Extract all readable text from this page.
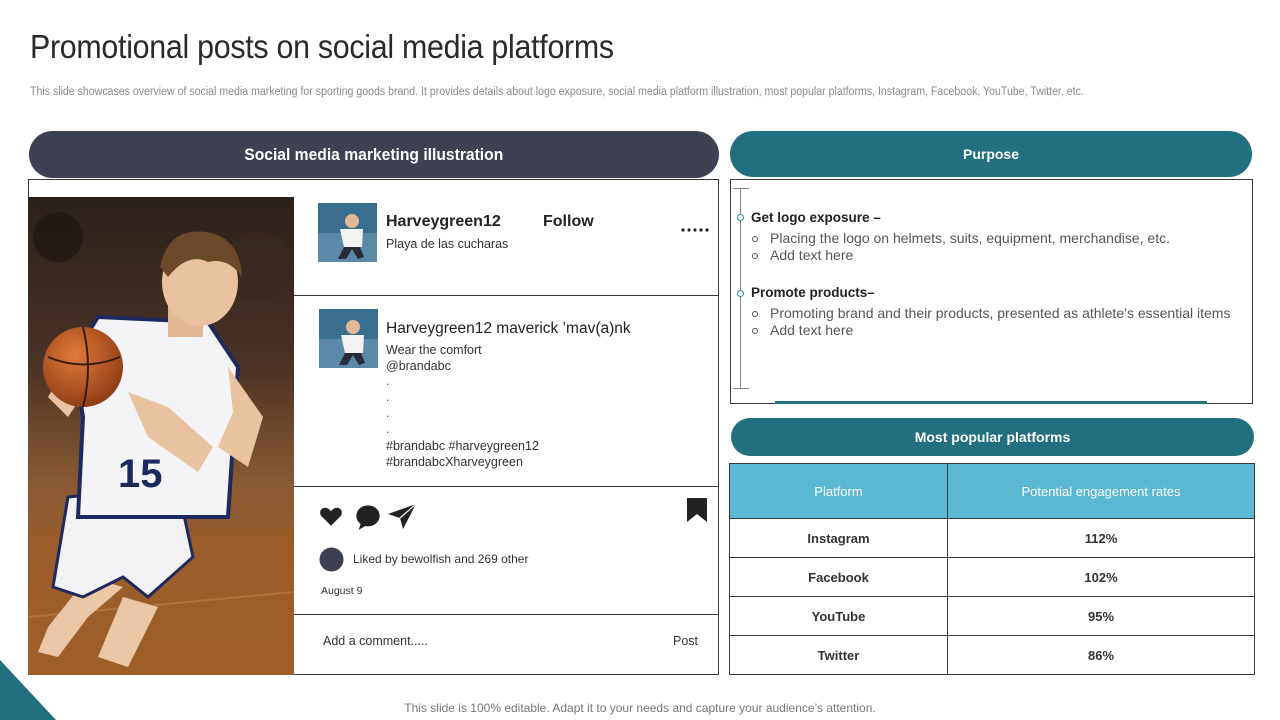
Promotional posts on social media platforms
This slide showcases overview of social media marketing for sporting goods brand. It provides details about logo exposure, social media platform illustration, most popular platforms, Instagram, Facebook, YouTube, Twitter, etc.
Social media marketing illustration
15
Harveygreen12	Follow
Playa de las cucharas
Harveygreen12 maverick ’mav(a)nk
Wear the comfort
@brandabc
.
.
.
.
#brandabc #harveygreen12
#brandabcXharveygreen
Liked by bewolfish and 269 other
August 9
Add a comment.....	Post
Purpose
Get logo exposure –
Placing the logo on helmets, suits, equipment, merchandise, etc.
Add text here
Promote products–
Promoting brand and their products, presented as athlete’s essential items
Add text here
Most popular platforms
Platform	Potential engagement rates
Instagram	112%
Facebook	102%
YouTube	95%
Twitter	86%
This slide is 100% editable. Adapt it to your needs and capture your audience’s attention.
